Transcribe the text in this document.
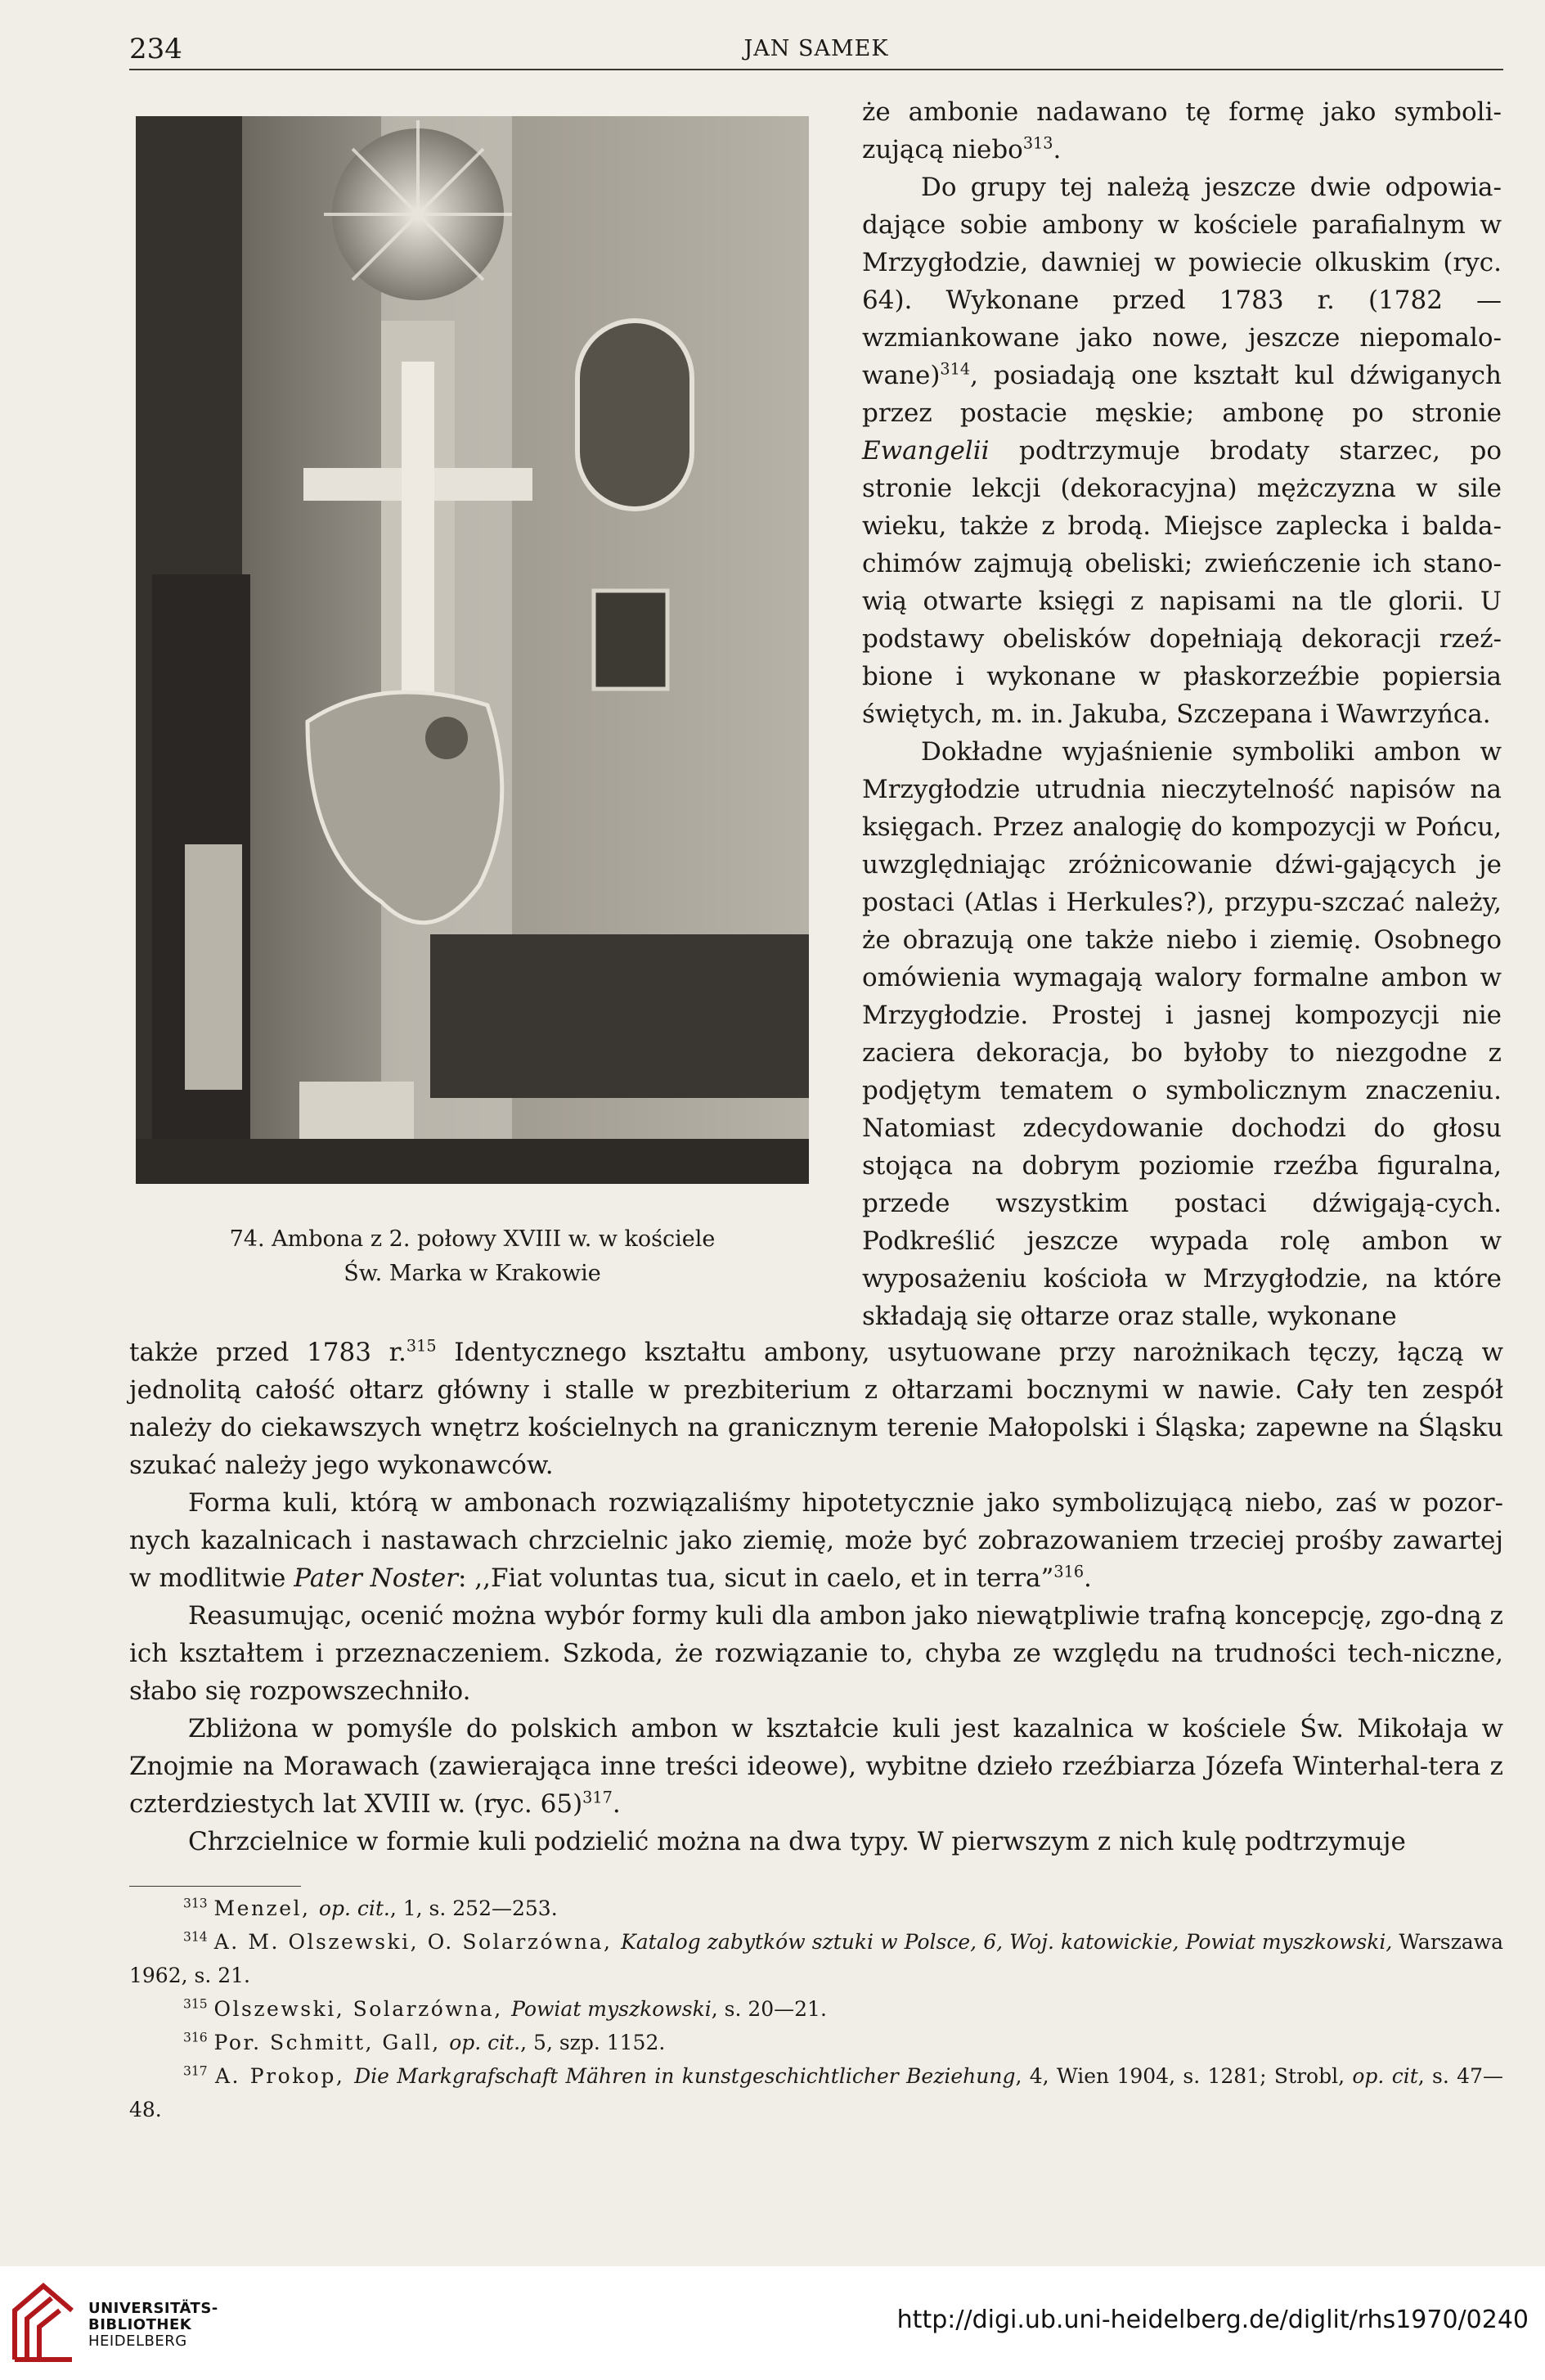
234	JAN SAMEK
74. Ambona z 2. połowy XVIII w. w kościele
Św. Marka w Krakowie

że ambonie nadawano tę formę jako symboli-zującą niebo$^{313}$.

Do grupy tej należą jeszcze dwie odpowia-dające sobie ambony w kościele parafialnym w Mrzygłodzie, dawniej w powiecie olkuskim (ryc. 64). Wykonane przed 1783 r. (1782 — wzmiankowane jako nowe, jeszcze niepomalo-wane)$^{314}$, posiadają one kształt kul dźwiganych przez postacie męskie; ambonę po stronie Ewangelii podtrzymuje brodaty starzec, po stronie lekcji (dekoracyjna) mężczyzna w sile wieku, także z brodą. Miejsce zaplecka i balda-chimów zajmują obeliski; zwieńczenie ich stano-wią otwarte księgi z napisami na tle glorii. U podstawy obelisków dopełniają dekoracji rzeź-bione i wykonane w płaskorzeźbie popiersia świętych, m. in. Jakuba, Szczepana i Wawrzyńca.

Dokładne wyjaśnienie symboliki ambon w Mrzygłodzie utrudnia nieczytelność napisów na księgach. Przez analogię do kompozycji w Pońcu, uwzględniając zróżnicowanie dźwi-gających je postaci (Atlas i Herkules?), przypu-szczać należy, że obrazują one także niebo i ziemię. Osobnego omówienia wymagają walory formalne ambon w Mrzygłodzie. Prostej i jasnej kompozycji nie zaciera dekoracja, bo byłoby to niezgodne z podjętym tematem o symbolicznym znaczeniu. Natomiast zdecydowanie dochodzi do głosu stojąca na dobrym poziomie rzeźba figuralna, przede wszystkim postaci dźwigają-cych. Podkreślić jeszcze wypada rolę ambon w wyposażeniu kościoła w Mrzygłodzie, na które składają się ołtarze oraz stalle, wykonane

także przed 1783 r.$^{315}$ Identycznego kształtu ambony, usytuowane przy narożnikach tęczy, łączą w jednolitą całość ołtarz główny i stalle w prezbiterium z ołtarzami bocznymi w nawie. Cały ten zespół należy do ciekawszych wnętrz kościelnych na granicznym terenie Małopolski i Śląska; zapewne na Śląsku szukać należy jego wykonawców.

Forma kuli, którą w ambonach rozwiązaliśmy hipotetycznie jako symbolizującą niebo, zaś w pozor-nych kazalnicach i nastawach chrzcielnic jako ziemię, może być zobrazowaniem trzeciej prośby zawartej w modlitwie Pater Noster: ,,Fiat voluntas tua, sicut in caelo, et in terra”$^{316}$.

Reasumując, ocenić można wybór formy kuli dla ambon jako niewątpliwie trafną koncepcję, zgo-dną z ich kształtem i przeznaczeniem. Szkoda, że rozwiązanie to, chyba ze względu na trudności tech-niczne, słabo się rozpowszechniło.

Zbliżona w pomyśle do polskich ambon w kształcie kuli jest kazalnica w kościele Św. Mikołaja w Znojmie na Morawach (zawierająca inne treści ideowe), wybitne dzieło rzeźbiarza Józefa Winterhal-tera z czterdziestych lat XVIII w. (ryc. 65)$^{317}$.

Chrzcielnice w formie kuli podzielić można na dwa typy. W pierwszym z nich kulę podtrzymuje

$^{313}$ Menzel, op. cit., 1, s. 252—253.

$^{314}$ A. M. Olszewski, O. Solarzówna, Katalog zabytków sztuki w Polsce, 6, Woj. katowickie, Powiat myszkowski, Warszawa 1962, s. 21.

$^{315}$ Olszewski, Solarzówna, Powiat myszkowski, s. 20—21.

$^{316}$ Por. Schmitt, Gall, op. cit., 5, szp. 1152.

$^{317}$ A. Prokop, Die Markgrafschaft Mähren in kunstgeschichtlicher Beziehung, 4, Wien 1904, s. 1281; Strobl, op. cit, s. 47—48.

UNIVERSITÄTS-
BIBLIOTHEK
HEIDELBERG
http://digi.ub.uni-heidelberg.de/diglit/rhs1970/0240
